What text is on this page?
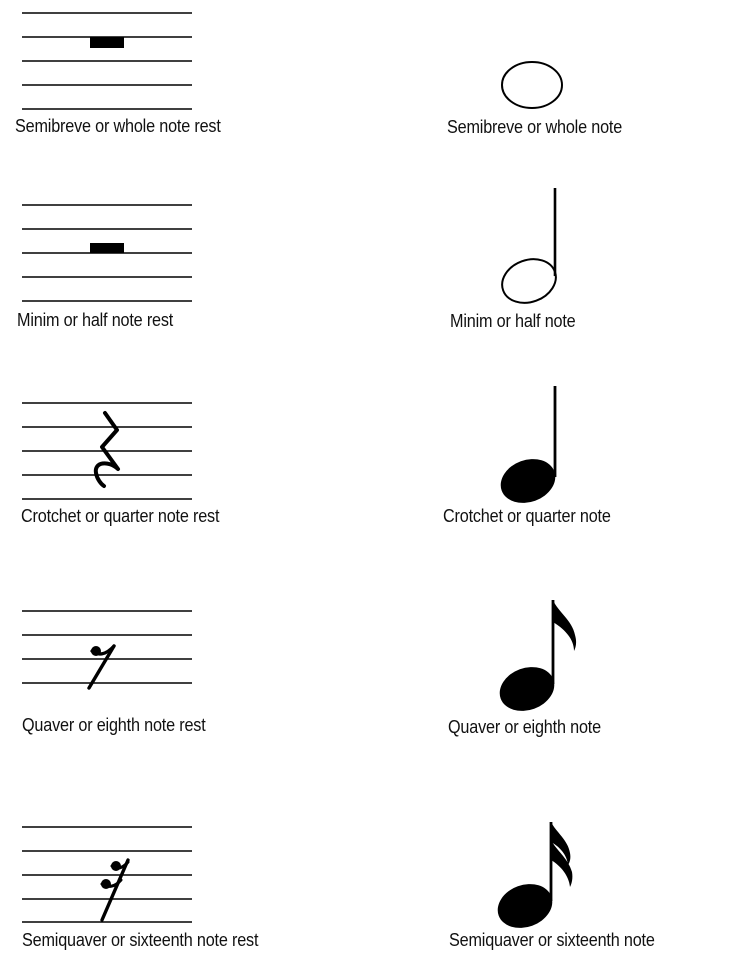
Semibreve or whole note rest
Minim or half note rest
Crotchet or quarter note rest
Quaver or eighth note rest
Semiquaver or sixteenth note rest
Semibreve or whole note
Minim or half note
Crotchet or quarter note
Quaver or eighth note
Semiquaver or sixteenth note
